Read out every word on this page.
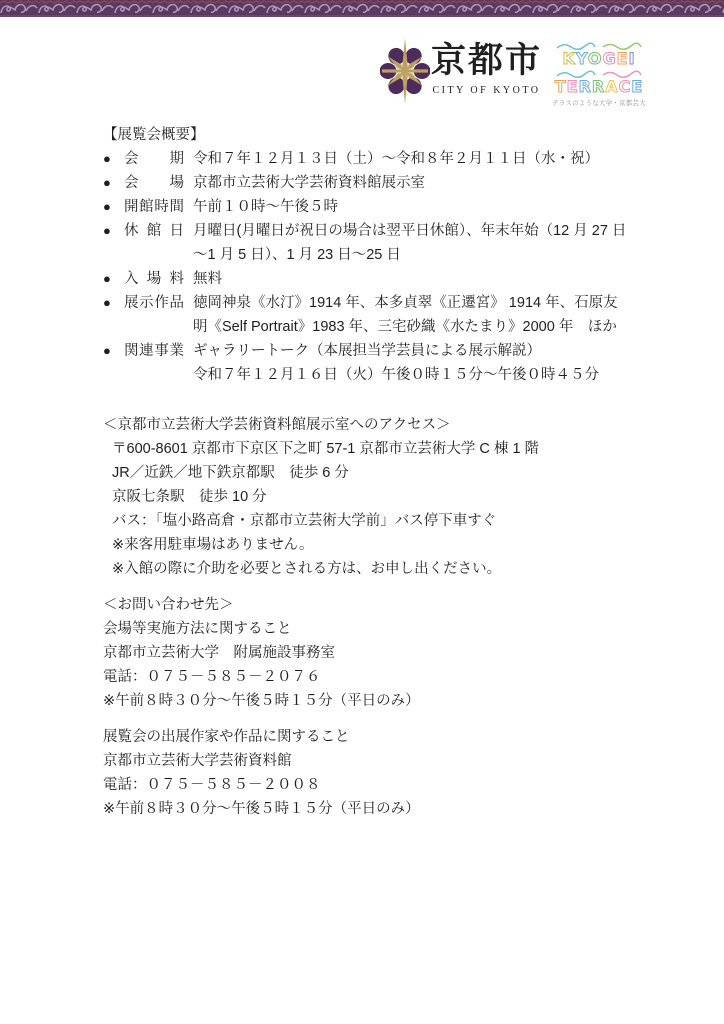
京都市
CITY OF KYOTO
KYOGEI
TERRACE
テラスのような大学・京都芸大
【展覧会概要】
● 会期 令和７年１２月１３日（土）～令和８年２月１１日（水・祝）
● 会場 京都市立芸術大学芸術資料館展示室
● 開館時間 午前１０時～午後５時
● 休館日 月曜日(月曜日が祝日の場合は翌平日休館）、年末年始（12 月 27 日～1 月 5 日）、1 月 23 日～25 日
● 入場料 無料
● 展示作品 徳岡神泉《水汀》1914 年、本多貞翠《正遷宮》 1914 年、石原友明《Self Portrait》1983 年、三宅砂織《水たまり》2000 年　ほか
● 関連事業 ギャラリートーク（本展担当学芸員による展示解説）
令和７年１２月１６日（火）午後０時１５分～午後０時４５分
＜京都市立芸術大学芸術資料館展示室へのアクセス＞
〒600-8601 京都市下京区下之町 57-1 京都市立芸術大学 C 棟 1 階
JR／近鉄／地下鉄京都駅　徒歩 6 分
京阪七条駅　徒歩 10 分
バス：「塩小路高倉・京都市立芸術大学前」バス停下車すぐ
※来客用駐車場はありません。
※入館の際に介助を必要とされる方は、お申し出ください。
＜お問い合わせ先＞
会場等実施方法に関すること
京都市立芸術大学　附属施設事務室
電話：０７５－５８５－２０７６
※午前８時３０分～午後５時１５分（平日のみ）
展覧会の出展作家や作品に関すること
京都市立芸術大学芸術資料館
電話：０７５－５８５－２００８
※午前８時３０分～午後５時１５分（平日のみ）
